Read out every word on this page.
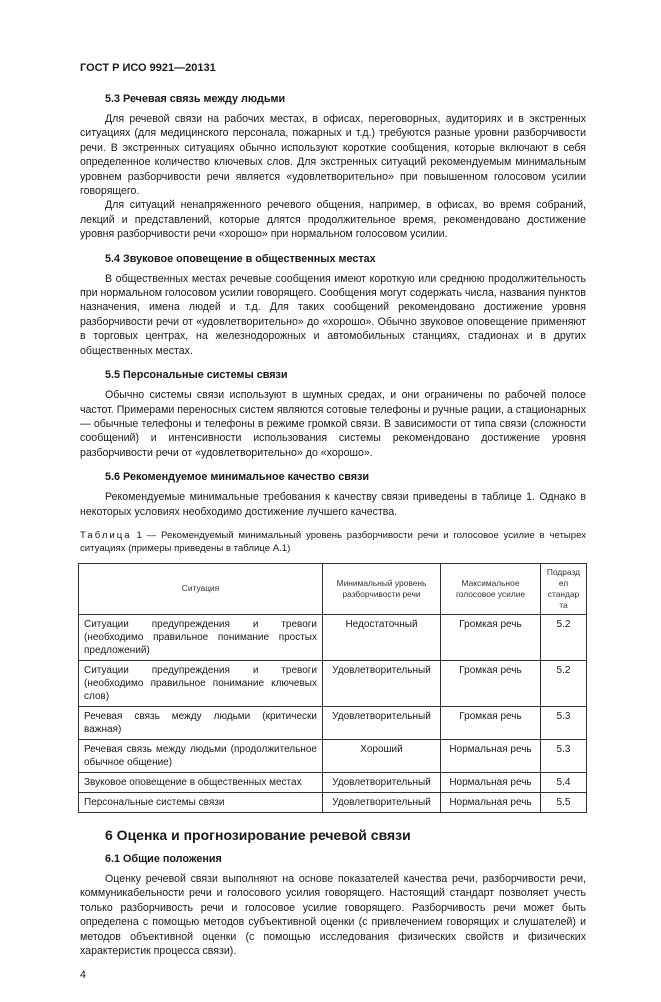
ГОСТ Р ИСО 9921—20131
5.3 Речевая связь между людьми

Для речевой связи на рабочих местах, в офисах, переговорных, аудиториях и в экстренных ситуациях (для медицинского персонала, пожарных и т.д.) требуются разные уровни разборчивости речи. В экстренных ситуациях обычно используют короткие сообщения, которые включают в себя определенное количество ключевых слов. Для экстренных ситуаций рекомендуемым минимальным уровнем разборчивости речи является «удовлетворительно» при повышенном голосовом усилии говорящего.

Для ситуаций ненапряженного речевого общения, например, в офисах, во время собраний, лекций и представлений, которые длятся продолжительное время, рекомендовано достижение уровня разборчивости речи «хорошо» при нормальном голосовом усилии.

5.4 Звуковое оповещение в общественных местах

В общественных местах речевые сообщения имеют короткую или среднюю продолжительность при нормальном голосовом усилии говорящего. Сообщения могут содержать числа, названия пунктов назначения, имена людей и т.д. Для таких сообщений рекомендовано достижение уровня разборчивости речи от «удовлетворительно» до «хорошо». Обычно звуковое оповещение применяют в торговых центрах, на железнодорожных и автомобильных станциях, стадионах и в других общественных местах.

5.5 Персональные системы связи

Обычно системы связи используют в шумных средах, и они ограничены по рабочей полосе частот. Примерами переносных систем являются сотовые телефоны и ручные рации, а стационарных — обычные телефоны и телефоны в режиме громкой связи. В зависимости от типа связи (сложности сообщений) и интенсивности использования системы рекомендовано достижение уровня разборчивости речи от «удовлетворительно» до «хорошо».

5.6 Рекомендуемое минимальное качество связи

Рекомендуемые минимальные требования к качеству связи приведены в таблице 1. Однако в некоторых условиях необходимо достижение лучшего качества.

Таблица 1 — Рекомендуемый минимальный уровень разборчивости речи и голосовое усилие в четырех ситуациях (примеры приведены в таблице А.1)
Ситуация	Минимальный уровень разборчивости речи	Максимальное голосовое усилие	Подраздел стандарта
Ситуации предупреждения и тревоги (необходимо правильное понимание простых предложений)	Недостаточный	Громкая речь	5.2
Ситуации предупреждения и тревоги (необходимо правильное понимание ключевых слов)	Удовлетворительный	Громкая речь	5.2
Речевая связь между людьми (критически важная)	Удовлетворительный	Громкая речь	5.3
Речевая связь между людьми (продолжительное обычное общение)	Хороший	Нормальная речь	5.3
Звуковое оповещение в общественных местах	Удовлетворительный	Нормальная речь	5.4
Персональные системы связи	Удовлетворительный	Нормальная речь	5.5
6 Оценка и прогнозирование речевой связи
6.1 Общие положения

Оценку речевой связи выполняют на основе показателей качества речи, разборчивости речи, коммуникабельности речи и голосового усилия говорящего. Настоящий стандарт позволяет учесть только разборчивость речи и голосовое усилие говорящего. Разборчивость речи может быть определена с помощью методов субъективной оценки (с привлечением говорящих и слушателей) и методов объективной оценки (с помощью исследования физических свойств и физических характеристик процесса связи).

4
